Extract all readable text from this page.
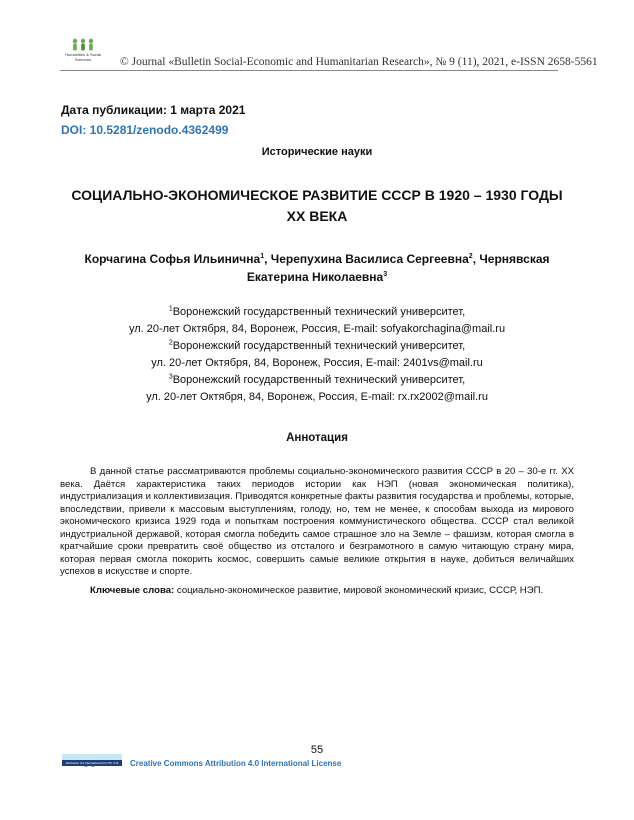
Humanities & Social Sciences	© Journal «Bulletin Social-Economic and Humanitarian Research», № 9 (11), 2021, e-ISSN 2658-5561
Дата публикации: 1 марта 2021
DOI: 10.5281/zenodo.4362499
Исторические науки
СОЦИАЛЬНО-ЭКОНОМИЧЕСКОЕ РАЗВИТИЕ СССР В 1920 – 1930 ГОДЫ
XX ВЕКА
Корчагина Софья Ильинична$^1$, Черепухина Василиса Сергеевна$^2$, Чернявская Екатерина Николаевна$^3$
$^1$Воронежский государственный технический университет,
ул. 20-лет Октября, 84, Воронеж, Россия, E-mail: sofyakorchagina@mail.ru
$^2$Воронежский государственный технический университет,
ул. 20-лет Октября, 84, Воронеж, Россия, E-mail: 2401vs@mail.ru
$^3$Воронежский государственный технический университет,
ул. 20-лет Октября, 84, Воронеж, Россия, E-mail: rx.rx2002@mail.ru
Аннотация

В данной статье рассматриваются проблемы социально-экономического развития СССР в 20 – 30-е гг. XX века. Даётся характеристика таких периодов истории как НЭП (новая экономическая политика), индустриализация и коллективизация. Приводятся конкретные факты развития государства и проблемы, которые, впоследствии, привели к массовым выступлениям, голоду, но, тем не менее, к способам выхода из мирового экономического кризиса 1929 года и попыткам построения коммунистического общества. СССР стал великой индустриальной державой, которая смогла победить самое страшное зло на Земле – фашизм, которая смогла в кратчайшие сроки превратить своё общество из отсталого и безграмотного в самую читающую страну мира, которая первая смогла покорить космос, совершить самые великие открытия в науке, добиться величайших успехов в искусстве и спорте.

Ключевые слова: социально-экономическое развитие, мировой экономический кризис, СССР, НЭП.

55
Attribution 4.0 International (CC BY 4.0)	Creative Commons Attribution 4.0 International License
